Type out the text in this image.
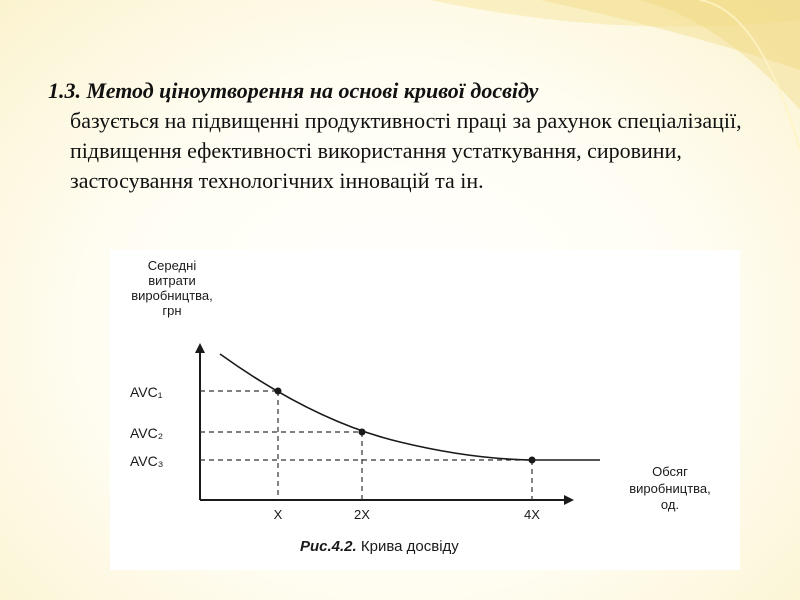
1.3. Метод ціноутворення на основі кривої досвіду
базується на підвищенні продуктивності праці за рахунок спеціалізації, підвищення ефективності використання устаткування, сировини, застосування технологічних інновацій та ін.
Середні
витрати
виробництва,
грн
Обсяг
виробництва,
од.
AVC₁
AVC₂
AVC₃
X	2X	4X
Рис.4.2. Крива досвіду
